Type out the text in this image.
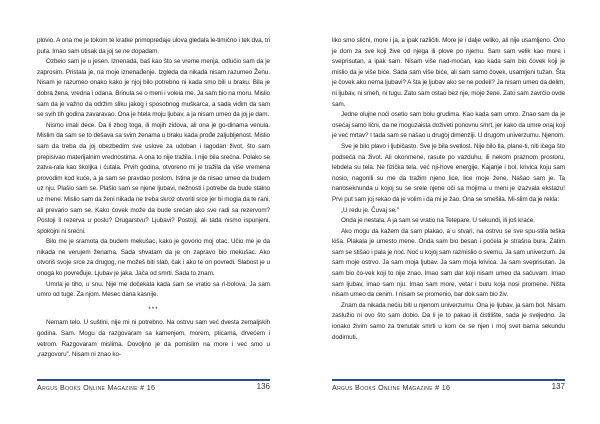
plovio. A ona me je tokom te kratke primopredaje ulova gledala le-timično i tek dva, tri puta. Imao sam utisak da joj se ne dopadam.

Ozbeio sam je u jesen. Iznenada, baš kao što se vreme menja, odlučio sam da je zaprosim. Pristala je, na moje iznenađenje. Izgleda da nikada nisam razumeo Ženu. Nisam je razumeo onako kako je njoj bilo potrebno ni kada smo bili u braku. Bila je dobra žena, vredna i odana. Brinula se o meni i voleia me. Ja sam bio na moru. Mislio sam da je važno da održim sliku jakog i sposobnog muškarca, a sada vidim da sam se svih tih godina zavaravao. Ona je htela moju ljubav, a ja nisam umeo da joj je dam.

Nismo imali dece. Da li zbog toga, ili mojih zidova, ali ona je go-dinama venula. Mislim da sam se to dešava sa svim ženama u braku kada prođe zaljubljenost. Mislio sam da treba da joj obezbedim sve uslove za udoban i lagodan život, što sam prepisivao materijalnim vrednostima. A ona to nije tražila. I nije bila srećna. Polako se zatva-rala kao školjka i ćutala. Prvih godina, otvoreno mi je tražila da više vremena provodim kod kuće, a ja sam se pravdao poslom. Istina je da nisao umeo da budem uz nju. Plašio sam se. Plašio sam se njene ljubavi, nežnosti i potrebe da bude stalno uz mene. Mislio sam da ženi nikada ne treba skroz otvoriti srce jer bi mogla da te rani, ali prevario sam se. Kako čovek može da bude srećan ako sve radi sa rezervom? Postoji li rezerva u poslu? Drugarstvu? Ljubavi? Postoji, ali tada nismo ispunjeni, spokojni ni srećni.

Bilo me je sramota da budem mekušac, kako je govorio moj otac. Učio me je da nikada ne verujem ženama. Sada shvatam da je on zapravo bio mekušac. Ako otvoriš svoje srce za drugog, ne možeš biti slab, čak i ako te on povredi. Slabost je u onoga ko povređuje. Ljubav je jaka. Jača od smrti. Sada to znam.

Umrla je tiho, u snu. Nije me dočekala kada sam se vratio sa ri-bolova. Ja sam umro od tuge. Za njom. Mesec dana kasnije.

***

Nemam telo. U suštini, nije mi ni potrebno. Na ostrvu sam već dvesta zemaljskih godina. Sam. Mogu da razgovaram sa kamenjem, morem, pticama, drvećem i vetrom. Razgovaram mislima. Dovoljno je da pomislim na more i već smo u „razgovoru”. Nisam ni znao ko-

Argus Books Online Magazine # 16	136

liko smo slični, more i ja, a ipak različiti. More je i dalje veliko, ali nije usamljeno. Ono je dom za sve koji žive od njega ili plove po njemu. Sam sam velik kao more i sveprisutan, a ipak sam. Nisam više nad-moćan, kao kada sam bio čovek koji je mislio da je više biće. Sada sam više biće, ali sam samo čovek, usamljeni tužan. Šta je čovek ako nema ljubavi? A šta je ljubav ako se ne podeli? Ja nisam umeo da delim, ni ljubav, ni smeh, ni tugu. Zato sam ostao bez nje, moje žene. Zato sam zavrčio ovde sam.

Jedne olujne noći osetio sam bolu grudima. Kao kada sam umro. Znao sam da je osećaj samo lični, da ne moguzaista doživeti ponovnu smrt, jer kako da umre onaj koji je već mrtav? I tada sam se našao u drugoj dimenziji. U drugom univerzumu. Njenom.

Sve je bilo plavo i ljubičasto. Sve je bila svetlost. Nije bilo tla, plane-ti, niti ičega što podseća na život. Ali okonmene, rasute po vazduhu, ili nekom praznom prostoru, lebdela su tela. Ne fizička tela, već nji-hove energije. Kajanje i bol, krivica koju sam nosio, nagonili su me da tražim njeno lice, lice moje žene. Našao sam je. Ta nanoseknunda u kojoj su se srele njene oči sa mojima u meni je izazvala ekstazu! Prvi put sam joj rekao da je volim i da mi je žao. Ona se smešila. Mi-slim da je rekla:

„U redu je. Čuvaj se.”

Onda je nestala. A ja sam se vratio na Tetepare. U sekundi, ili još kraće.

Ako mogu da kažem da sam plakao, a u stvari, na ostrvu se sve spu-stila teška kiša. Plakala je umesto mene. Onda sam bio besan i počela je strašna bura. Zatim sam se stišao i pala je noć. Noć u kojoj sam razmislio o svemu. Ja sam univerzum. Ja sam moje ostrvo. Ja sam moja ljubav. Ja sam moja krivica. Ja sam sveprisutan. Ja sam bio čo-vek koji to nije znao. Imao sam dar koji nisam umeo da sačuvam. Imao sam ljubav, imao sam nju. Imao sam more, vetar i buru koja nosi promene. Ništa nisam umeo da cenim. I nisam se promenio, bar dok sam bio živ.

Znam da nikada nećiu biti u njenom univerzumu. Ona je ljubav, ja sam bol. Nisam zaslužio ni ovo što sam dobio. Da li je to pakao ili čistilište, sada je svejedno. Ja ionako živim samo za trenutak smrti u kom će se njen i moj svet barna sekundu dodirnuti.

Argus Books Online Magazine # 16	137
